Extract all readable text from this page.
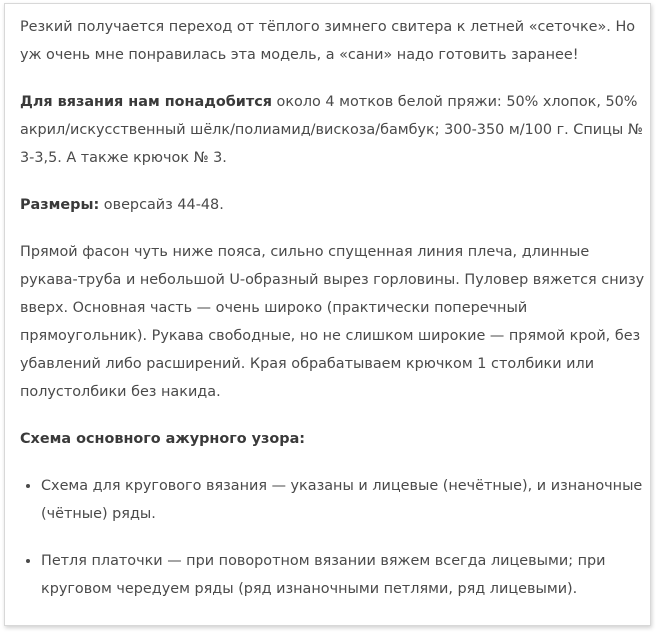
Резкий получается переход от тёплого зимнего свитера к летней «сеточке». Но уж очень мне понравилась эта модель, а «сани» надо готовить заранее!

Для вязания нам понадобится около 4 мотков белой пряжи: 50% хлопок, 50% акрил/искусственный шёлк/полиамид/вискоза/бамбук; 300-350 м/100 г. Спицы № 3-3,5. А также крючок № 3.

Размеры: оверсайз 44-48.

Прямой фасон чуть ниже пояса, сильно спущенная линия плеча, длинные рукава-труба и небольшой U-образный вырез горловины. Пуловер вяжется снизу вверх. Основная часть — очень широко (практически поперечный прямоугольник). Рукава свободные, но не слишком широкие — прямой крой, без убавлений либо расширений. Края обрабатываем крючком 1 столбики или полустолбики без накида.

Схема основного ажурного узора:

• Схема для кругового вязания — указаны и лицевые (нечётные), и изнаночные (чётные) ряды.
• Петля платочки — при поворотном вязании вяжем всегда лицевыми; при круговом чередуем ряды (ряд изнаночными петлями, ряд лицевыми).
